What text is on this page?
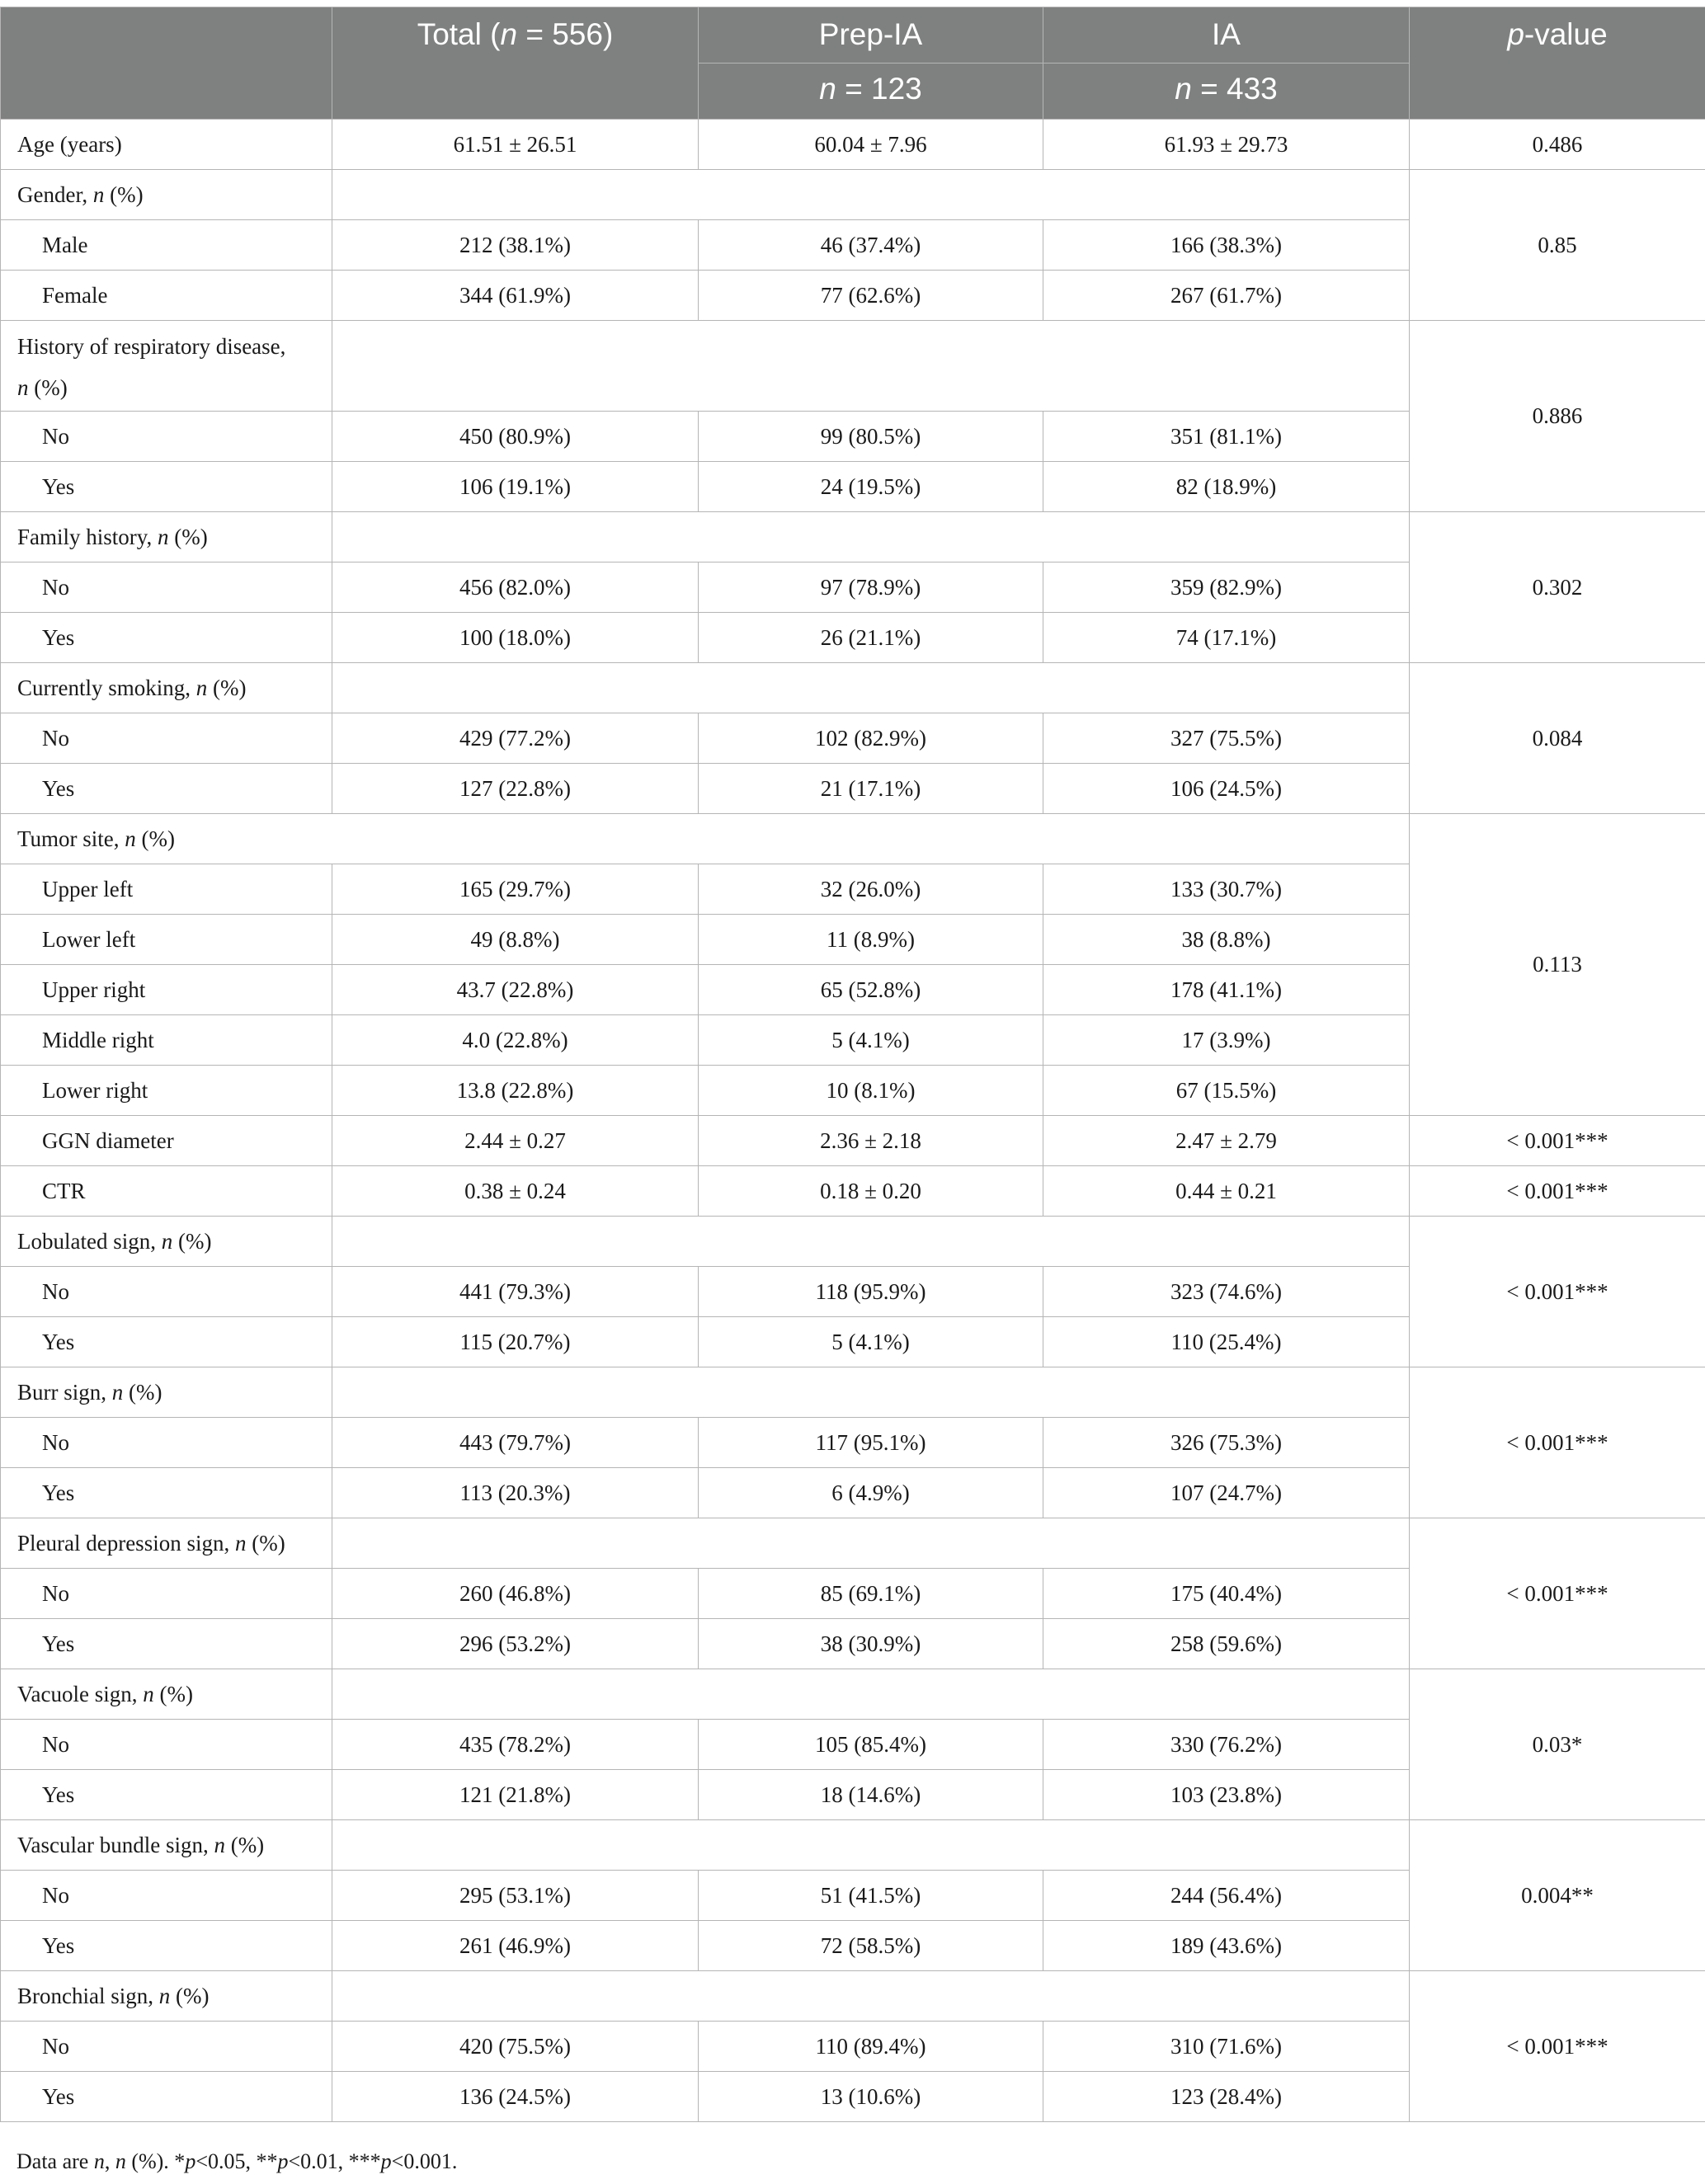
	Total (n = 556)	Prep-IA	IA	p-value
		n = 123	n = 433	
Age (years)	61.51 ± 26.51	60.04 ± 7.96	61.93 ± 29.73	0.486
Gender, n (%)				0.85
Male	212 (38.1%)	46 (37.4%)	166 (38.3%)	
Female	344 (61.9%)	77 (62.6%)	267 (61.7%)	
History of respiratory disease,
n (%)				0.886
No	450 (80.9%)	99 (80.5%)	351 (81.1%)	
Yes	106 (19.1%)	24 (19.5%)	82 (18.9%)	
Family history, n (%)				0.302
No	456 (82.0%)	97 (78.9%)	359 (82.9%)	
Yes	100 (18.0%)	26 (21.1%)	74 (17.1%)	
Currently smoking, n (%)				0.084
No	429 (77.2%)	102 (82.9%)	327 (75.5%)	
Yes	127 (22.8%)	21 (17.1%)	106 (24.5%)	
Tumor site, n (%)				0.113
Upper left	165 (29.7%)	32 (26.0%)	133 (30.7%)	
Lower left	49 (8.8%)	11 (8.9%)	38 (8.8%)	
Upper right	43.7 (22.8%)	65 (52.8%)	178 (41.1%)	
Middle right	4.0 (22.8%)	5 (4.1%)	17 (3.9%)	
Lower right	13.8 (22.8%)	10 (8.1%)	67 (15.5%)	
GGN diameter	2.44 ± 0.27	2.36 ± 2.18	2.47 ± 2.79	< 0.001***
CTR	0.38 ± 0.24	0.18 ± 0.20	0.44 ± 0.21	< 0.001***
Lobulated sign, n (%)				< 0.001***
No	441 (79.3%)	118 (95.9%)	323 (74.6%)	
Yes	115 (20.7%)	5 (4.1%)	110 (25.4%)	
Burr sign, n (%)				< 0.001***
No	443 (79.7%)	117 (95.1%)	326 (75.3%)	
Yes	113 (20.3%)	6 (4.9%)	107 (24.7%)	
Pleural depression sign, n (%)				< 0.001***
No	260 (46.8%)	85 (69.1%)	175 (40.4%)	
Yes	296 (53.2%)	38 (30.9%)	258 (59.6%)	
Vacuole sign, n (%)				0.03*
No	435 (78.2%)	105 (85.4%)	330 (76.2%)	
Yes	121 (21.8%)	18 (14.6%)	103 (23.8%)	
Vascular bundle sign, n (%)				0.004**
No	295 (53.1%)	51 (41.5%)	244 (56.4%)	
Yes	261 (46.9%)	72 (58.5%)	189 (43.6%)	
Bronchial sign, n (%)				< 0.001***
No	420 (75.5%)	110 (89.4%)	310 (71.6%)	
Yes	136 (24.5%)	13 (10.6%)	123 (28.4%)	
Data are n, n (%). *p<0.05, **p<0.01, ***p<0.001.
